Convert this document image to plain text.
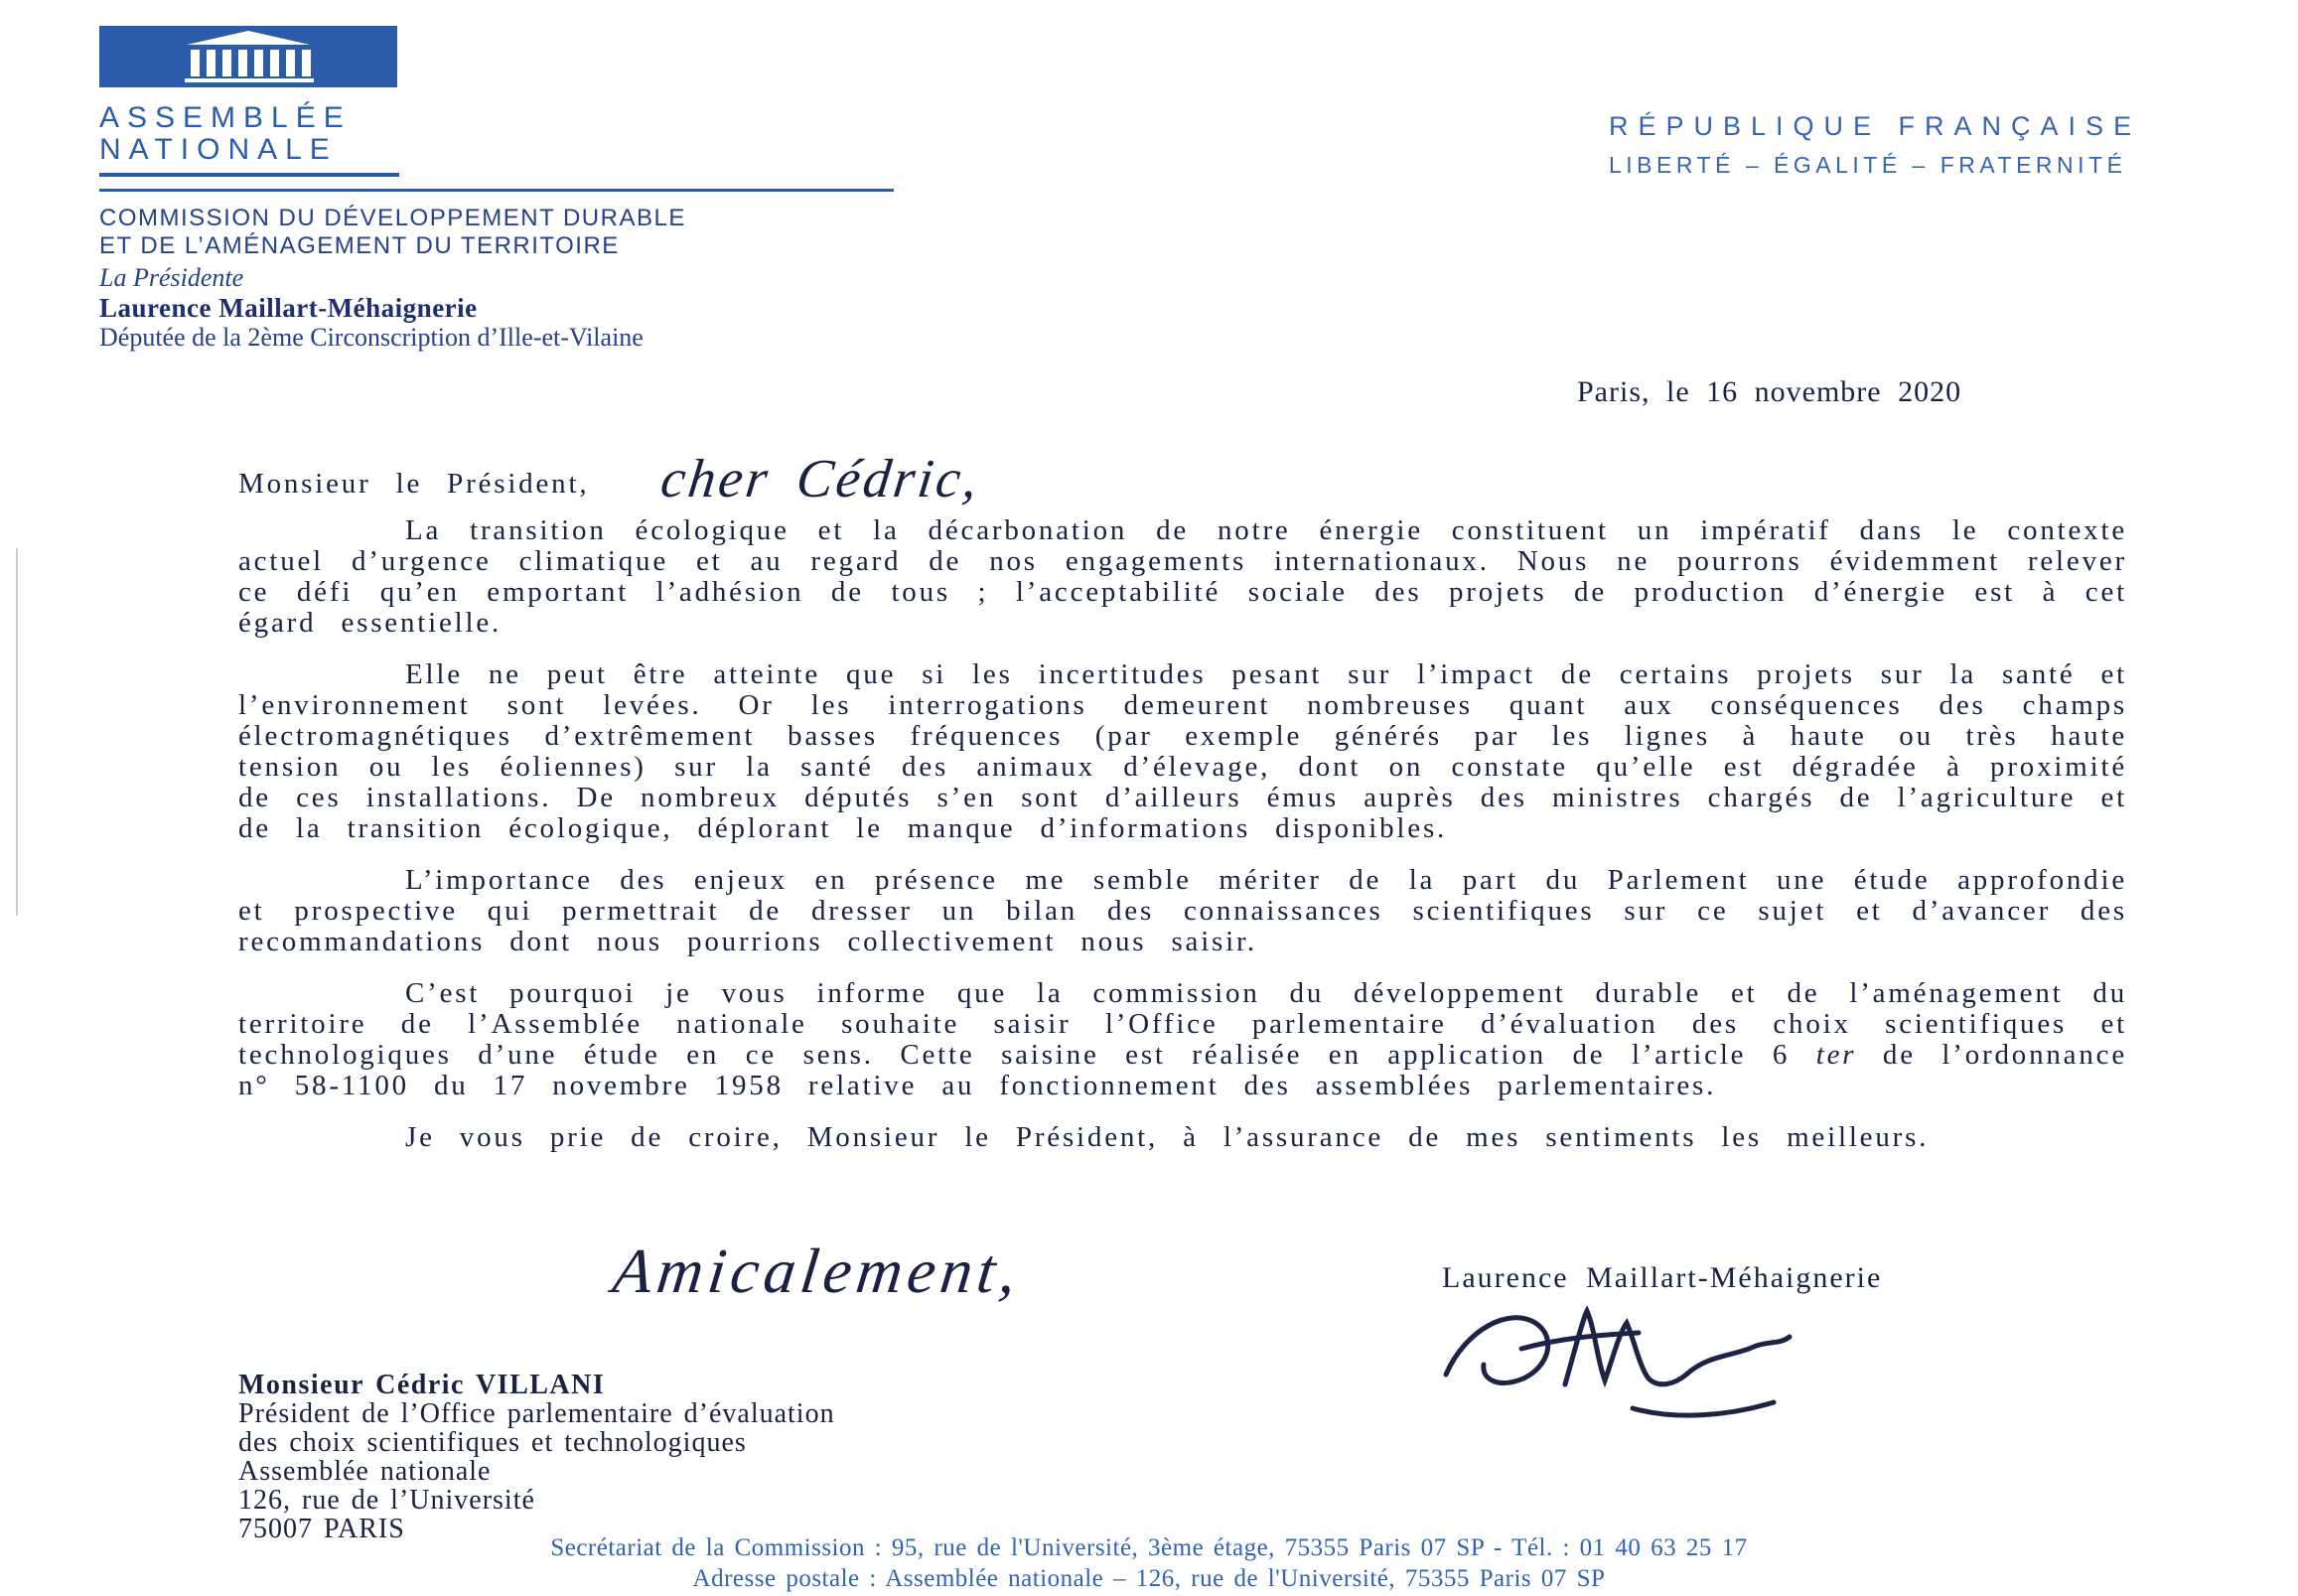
ASSEMBLÉE
NATIONALE
RÉPUBLIQUE FRANÇAISE
LIBERTÉ – ÉGALITÉ – FRATERNITÉ
COMMISSION DU DÉVELOPPEMENT DURABLE
ET DE L’AMÉNAGEMENT DU TERRITOIRE
La Présidente
Laurence Maillart-Méhaignerie
Députée de la 2ème Circonscription d’Ille-et-Vilaine
Paris, le 16 novembre 2020
Monsieur le Président, cher Cédric,

La transition écologique et la décarbonation de notre énergie constituent un impératif dans le contexte actuel d’urgence climatique et au regard de nos engagements internationaux. Nous ne pourrons évidemment relever ce défi qu’en emportant l’adhésion de tous ; l’acceptabilité sociale des projets de production d’énergie est à cet égard essentielle.

Elle ne peut être atteinte que si les incertitudes pesant sur l’impact de certains projets sur la santé et l’environnement sont levées. Or les interrogations demeurent nombreuses quant aux conséquences des champs électromagnétiques d’extrêmement basses fréquences (par exemple générés par les lignes à haute ou très haute tension ou les éoliennes) sur la santé des animaux d’élevage, dont on constate qu’elle est dégradée à proximité de ces installations. De nombreux députés s’en sont d’ailleurs émus auprès des ministres chargés de l’agriculture et de la transition écologique, déplorant le manque d’informations disponibles.

L’importance des enjeux en présence me semble mériter de la part du Parlement une étude approfondie et prospective qui permettrait de dresser un bilan des connaissances scientifiques sur ce sujet et d’avancer des recommandations dont nous pourrions collectivement nous saisir.

C’est pourquoi je vous informe que la commission du développement durable et de l’aménagement du territoire de l’Assemblée nationale souhaite saisir l’Office parlementaire d’évaluation des choix scientifiques et technologiques d’une étude en ce sens. Cette saisine est réalisée en application de l’article 6 ter de l’ordonnance n° 58-1100 du 17 novembre 1958 relative au fonctionnement des assemblées parlementaires.

Je vous prie de croire, Monsieur le Président, à l’assurance de mes sentiments les meilleurs.

Amicalement,	Laurence Maillart-Méhaignerie
Monsieur Cédric VILLANI
Président de l’Office parlementaire d’évaluation
des choix scientifiques et technologiques
Assemblée nationale
126, rue de l’Université
75007 PARIS
Secrétariat de la Commission : 95, rue de l'Université, 3ème étage, 75355 Paris 07 SP - Tél. : 01 40 63 25 17
Adresse postale : Assemblée nationale – 126, rue de l'Université, 75355 Paris 07 SP
